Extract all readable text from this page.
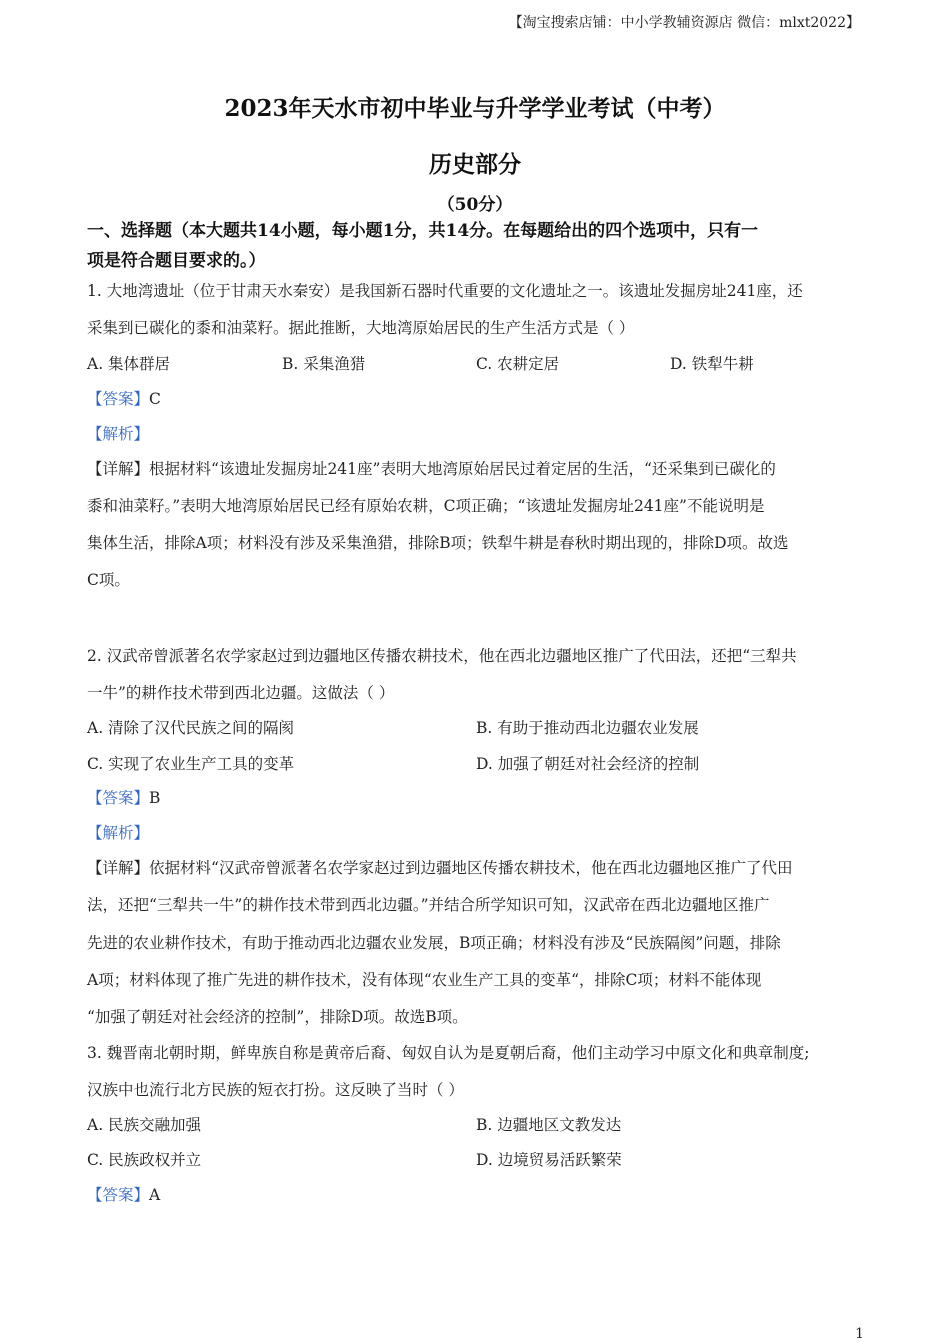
【淘宝搜索店铺：中小学教辅资源店 微信：mlxt2022】
2023年天水市初中毕业与升学学业考试（中考）
历史部分
（50分）
一、选择题（本大题共14小题，每小题1分，共14分。在每题给出的四个选项中，只有一
项是符合题目要求的。）
1. 大地湾遗址（位于甘肃天水秦安）是我国新石器时代重要的文化遗址之一。该遗址发掘房址241座，还
采集到已碳化的黍和油菜籽。据此推断，大地湾原始居民的生产生活方式是（ ）
A. 集体群居	B. 采集渔猎	C. 农耕定居	D. 铁犁牛耕
【答案】C
【解析】
【详解】根据材料“该遗址发掘房址241座”表明大地湾原始居民过着定居的生活，“还采集到已碳化的
黍和油菜籽。”表明大地湾原始居民已经有原始农耕，C项正确；“该遗址发掘房址241座”不能说明是
集体生活，排除A项；材料没有涉及采集渔猎，排除B项；铁犁牛耕是春秋时期出现的，排除D项。故选
C项。
2. 汉武帝曾派著名农学家赵过到边疆地区传播农耕技术，他在西北边疆地区推广了代田法，还把“三犁共
一牛”的耕作技术带到西北边疆。这做法（ ）
A. 清除了汉代民族之间的隔阂	B. 有助于推动西北边疆农业发展
C. 实现了农业生产工具的变革	D. 加强了朝廷对社会经济的控制
【答案】B
【解析】
【详解】依据材料“汉武帝曾派著名农学家赵过到边疆地区传播农耕技术，他在西北边疆地区推广了代田
法，还把“三犁共一牛”的耕作技术带到西北边疆。”并结合所学知识可知，汉武帝在西北边疆地区推广
先进的农业耕作技术，有助于推动西北边疆农业发展，B项正确；材料没有涉及“民族隔阂”问题，排除
A项；材料体现了推广先进的耕作技术，没有体现“农业生产工具的变革“，排除C项；材料不能体现
“加强了朝廷对社会经济的控制”，排除D项。故选B项。
3. 魏晋南北朝时期，鲜卑族自称是黄帝后裔、匈奴自认为是夏朝后裔，他们主动学习中原文化和典章制度;
汉族中也流行北方民族的短衣打扮。这反映了当时（ ）
A. 民族交融加强	B. 边疆地区文教发达
C. 民族政权并立	D. 边境贸易活跃繁荣
【答案】A
1
